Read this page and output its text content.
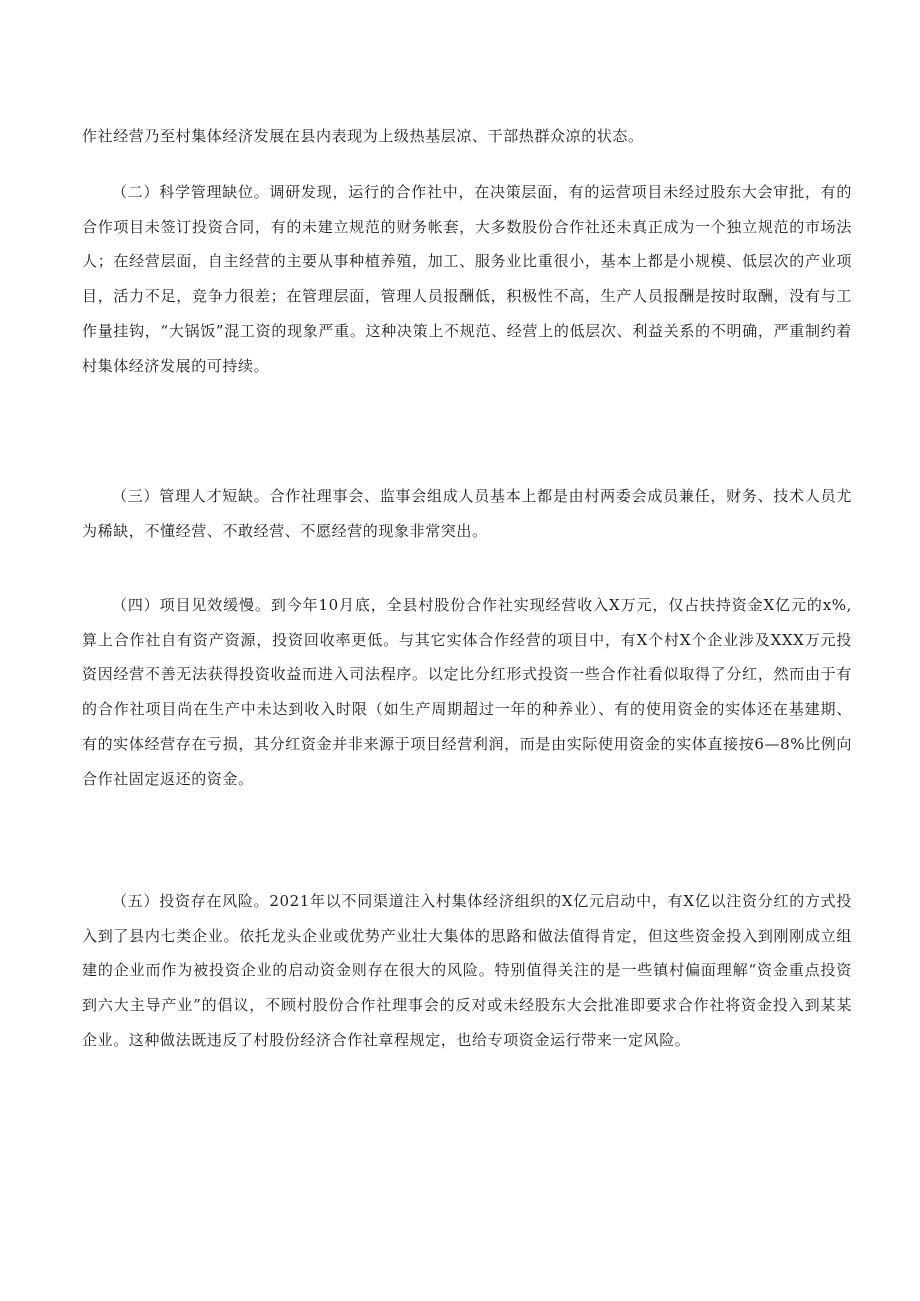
作社经营乃至村集体经济发展在县内表现为上级热基层凉、干部热群众凉的状态。

（二）科学管理缺位。调研发现，运行的合作社中，在决策层面，有的运营项目未经过股东大会审批，有的合作项目未签订投资合同，有的未建立规范的财务帐套，大多数股份合作社还未真正成为一个独立规范的市场法人；在经营层面，自主经营的主要从事种植养殖，加工、服务业比重很小，基本上都是小规模、低层次的产业项目，活力不足，竞争力很差；在管理层面，管理人员报酬低，积极性不高，生产人员报酬是按时取酬，没有与工作量挂钩，“大锅饭”混工资的现象严重。这种决策上不规范、经营上的低层次、利益关系的不明确，严重制约着村集体经济发展的可持续。

（三）管理人才短缺。合作社理事会、监事会组成人员基本上都是由村两委会成员兼任，财务、技术人员尤为稀缺，不懂经营、不敢经营、不愿经营的现象非常突出。

（四）项目见效缓慢。到今年10月底，全县村股份合作社实现经营收入X万元，仅占扶持资金X亿元的x%,算上合作社自有资产资源，投资回收率更低。与其它实体合作经营的项目中，有X个村X个企业涉及XXX万元投资因经营不善无法获得投资收益而进入司法程序。以定比分红形式投资一些合作社看似取得了分红，然而由于有的合作社项目尚在生产中未达到收入时限（如生产周期超过一年的种养业）、有的使用资金的实体还在基建期、有的实体经营存在亏损，其分红资金并非来源于项目经营利润，而是由实际使用资金的实体直接按6—8%比例向合作社固定返还的资金。

（五）投资存在风险。2021年以不同渠道注入村集体经济组织的X亿元启动中，有X亿以注资分红的方式投入到了县内七类企业。依托龙头企业或优势产业壮大集体的思路和做法值得肯定，但这些资金投入到刚刚成立组建的企业而作为被投资企业的启动资金则存在很大的风险。特别值得关注的是一些镇村偏面理解“资金重点投资到六大主导产业”的倡议，不顾村股份合作社理事会的反对或未经股东大会批准即要求合作社将资金投入到某某企业。这种做法既违反了村股份经济合作社章程规定，也给专项资金运行带来一定风险。
